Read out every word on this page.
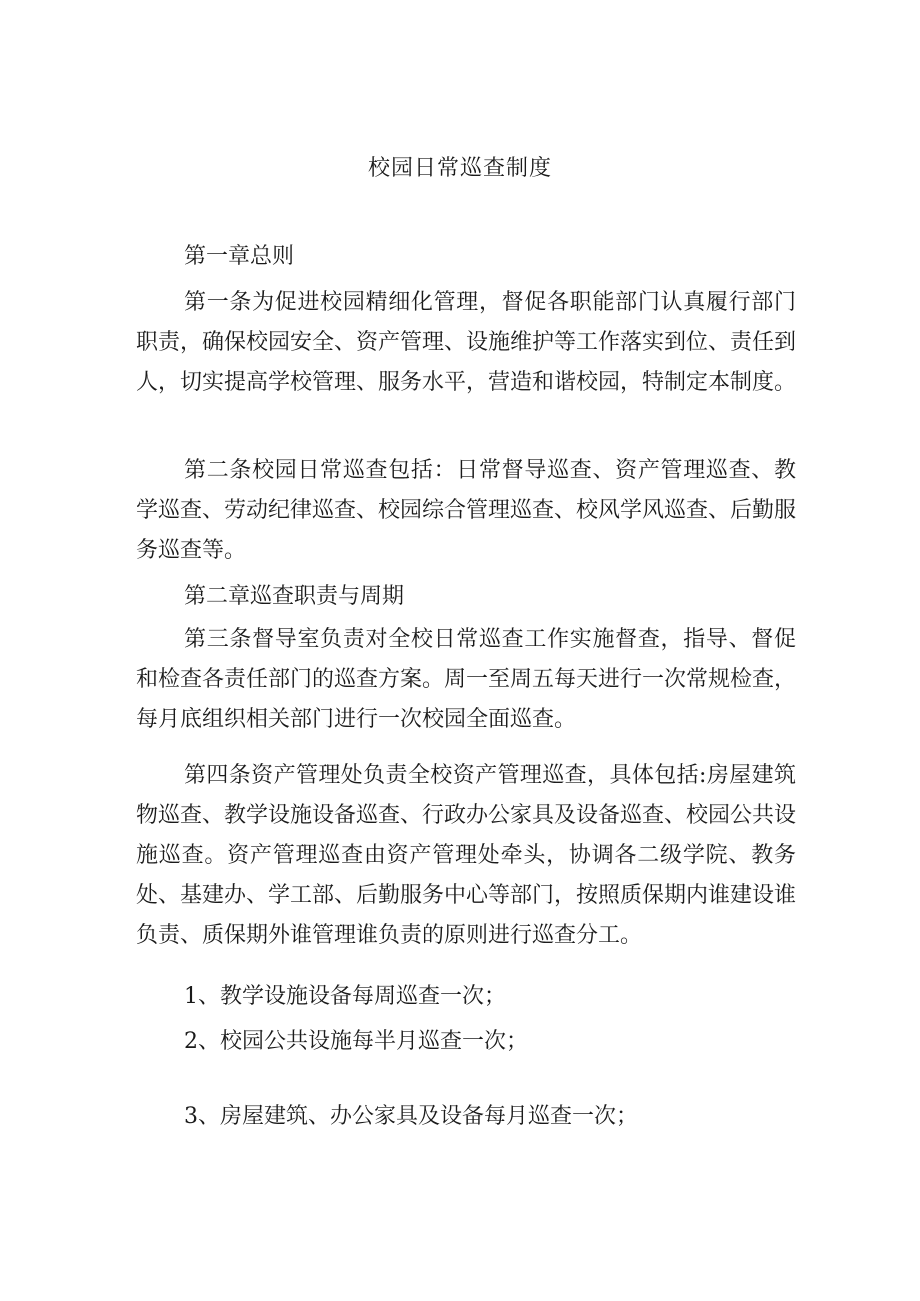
校园日常巡查制度
第一章总则
第一条为促进校园精细化管理，督促各职能部门认真履行部门职责，确保校园安全、资产管理、设施维护等工作落实到位、责任到人，切实提高学校管理、服务水平，营造和谐校园，特制定本制度。
第二条校园日常巡查包括：日常督导巡查、资产管理巡查、教学巡查、劳动纪律巡查、校园综合管理巡查、校风学风巡查、后勤服务巡查等。
第二章巡查职责与周期
第三条督导室负责对全校日常巡查工作实施督查，指导、督促和检查各责任部门的巡查方案。周一至周五每天进行一次常规检查，每月底组织相关部门进行一次校园全面巡查。
第四条资产管理处负责全校资产管理巡查，具体包括:房屋建筑物巡查、教学设施设备巡查、行政办公家具及设备巡查、校园公共设施巡查。资产管理巡查由资产管理处牵头，协调各二级学院、教务处、基建办、学工部、后勤服务中心等部门，按照质保期内谁建设谁负责、质保期外谁管理谁负责的原则进行巡查分工。
1、教学设施设备每周巡查一次；
2、校园公共设施每半月巡查一次；
3、房屋建筑、办公家具及设备每月巡查一次；
